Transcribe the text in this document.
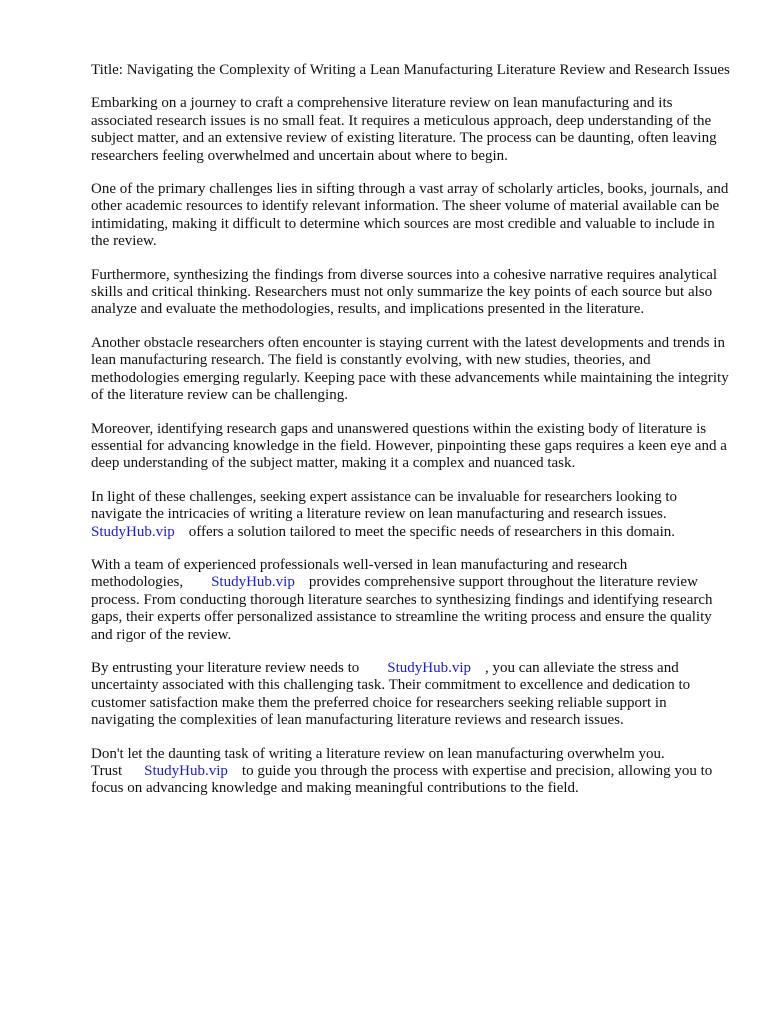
Title: Navigating the Complexity of Writing a Lean Manufacturing Literature Review and Research Issues

Embarking on a journey to craft a comprehensive literature review on lean manufacturing and its associated research issues is no small feat. It requires a meticulous approach, deep understanding of the subject matter, and an extensive review of existing literature. The process can be daunting, often leaving researchers feeling overwhelmed and uncertain about where to begin.

One of the primary challenges lies in sifting through a vast array of scholarly articles, books, journals, and other academic resources to identify relevant information. The sheer volume of material available can be intimidating, making it difficult to determine which sources are most credible and valuable to include in the review.

Furthermore, synthesizing the findings from diverse sources into a cohesive narrative requires analytical skills and critical thinking. Researchers must not only summarize the key points of each source but also analyze and evaluate the methodologies, results, and implications presented in the literature.

Another obstacle researchers often encounter is staying current with the latest developments and trends in lean manufacturing research. The field is constantly evolving, with new studies, theories, and methodologies emerging regularly. Keeping pace with these advancements while maintaining the integrity of the literature review can be challenging.

Moreover, identifying research gaps and unanswered questions within the existing body of literature is essential for advancing knowledge in the field. However, pinpointing these gaps requires a keen eye and a deep understanding of the subject matter, making it a complex and nuanced task.

In light of these challenges, seeking expert assistance can be invaluable for researchers looking to navigate the intricacies of writing a literature review on lean manufacturing and research issues. StudyHub.vip offers a solution tailored to meet the specific needs of researchers in this domain.

With a team of experienced professionals well-versed in lean manufacturing and research methodologies, StudyHub.vip provides comprehensive support throughout the literature review process. From conducting thorough literature searches to synthesizing findings and identifying research gaps, their experts offer personalized assistance to streamline the writing process and ensure the quality and rigor of the review.

By entrusting your literature review needs to StudyHub.vip , you can alleviate the stress and uncertainty associated with this challenging task. Their commitment to excellence and dedication to customer satisfaction make them the preferred choice for researchers seeking reliable support in navigating the complexities of lean manufacturing literature reviews and research issues.

Don't let the daunting task of writing a literature review on lean manufacturing overwhelm you. Trust StudyHub.vip to guide you through the process with expertise and precision, allowing you to focus on advancing knowledge and making meaningful contributions to the field.
